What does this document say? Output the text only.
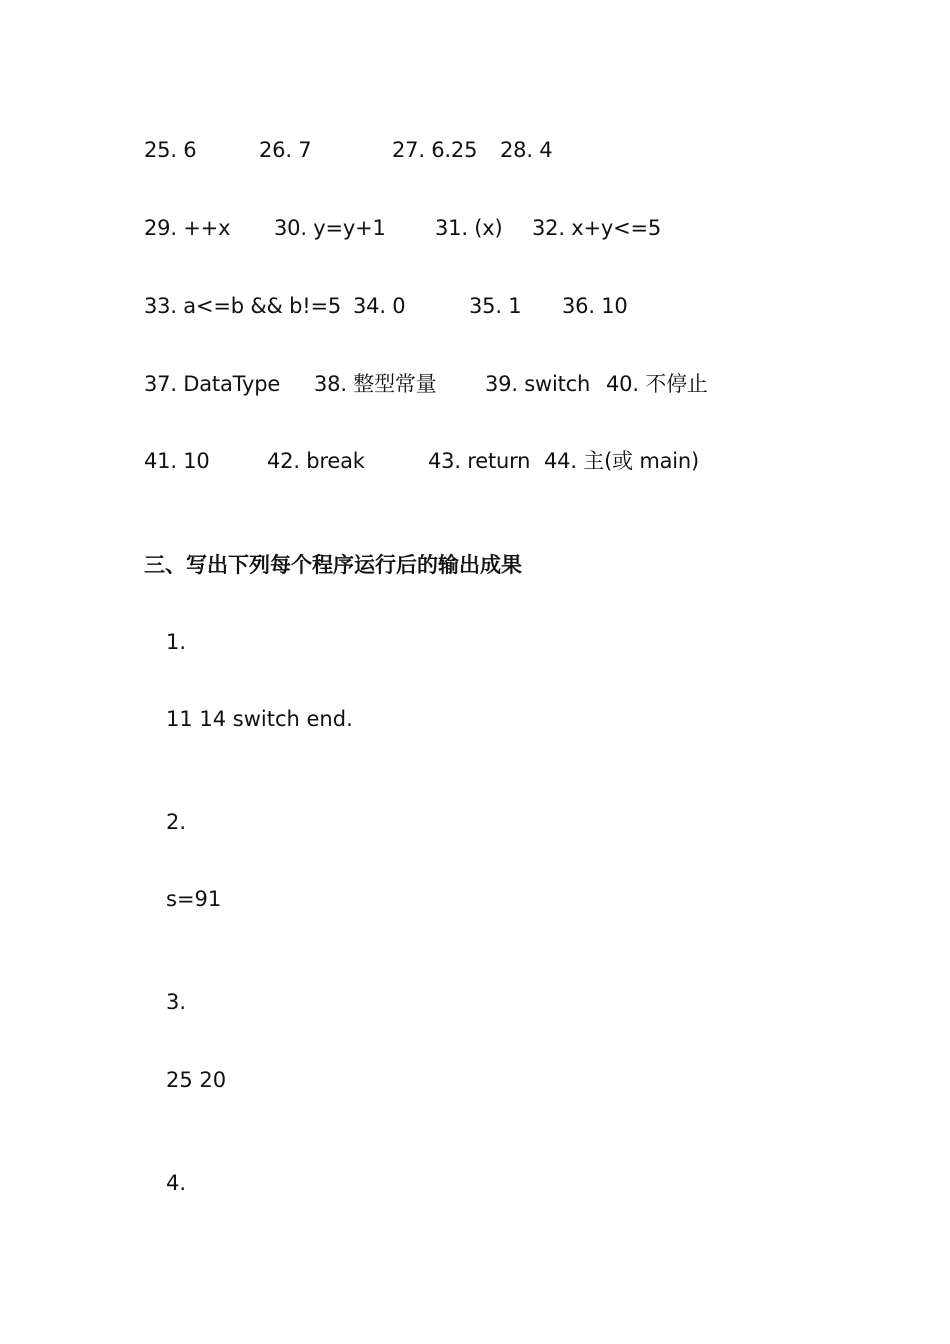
25. 6	26. 7	27. 6.25 28. 4
29. ++x 30. y=y+1 31. (x) 32. x+y<=5
33. a<=b && b!=5 34. 0	35. 1 36. 10
37. DataType 38. 整型常量 39. switch 40. 不停止
41. 10	42. break	43. return 44. 主(或 main)
三、写出下列每个程序运行后的输出成果
1.
11 14 switch end.
2.
s=91
3.
25 20
4.
